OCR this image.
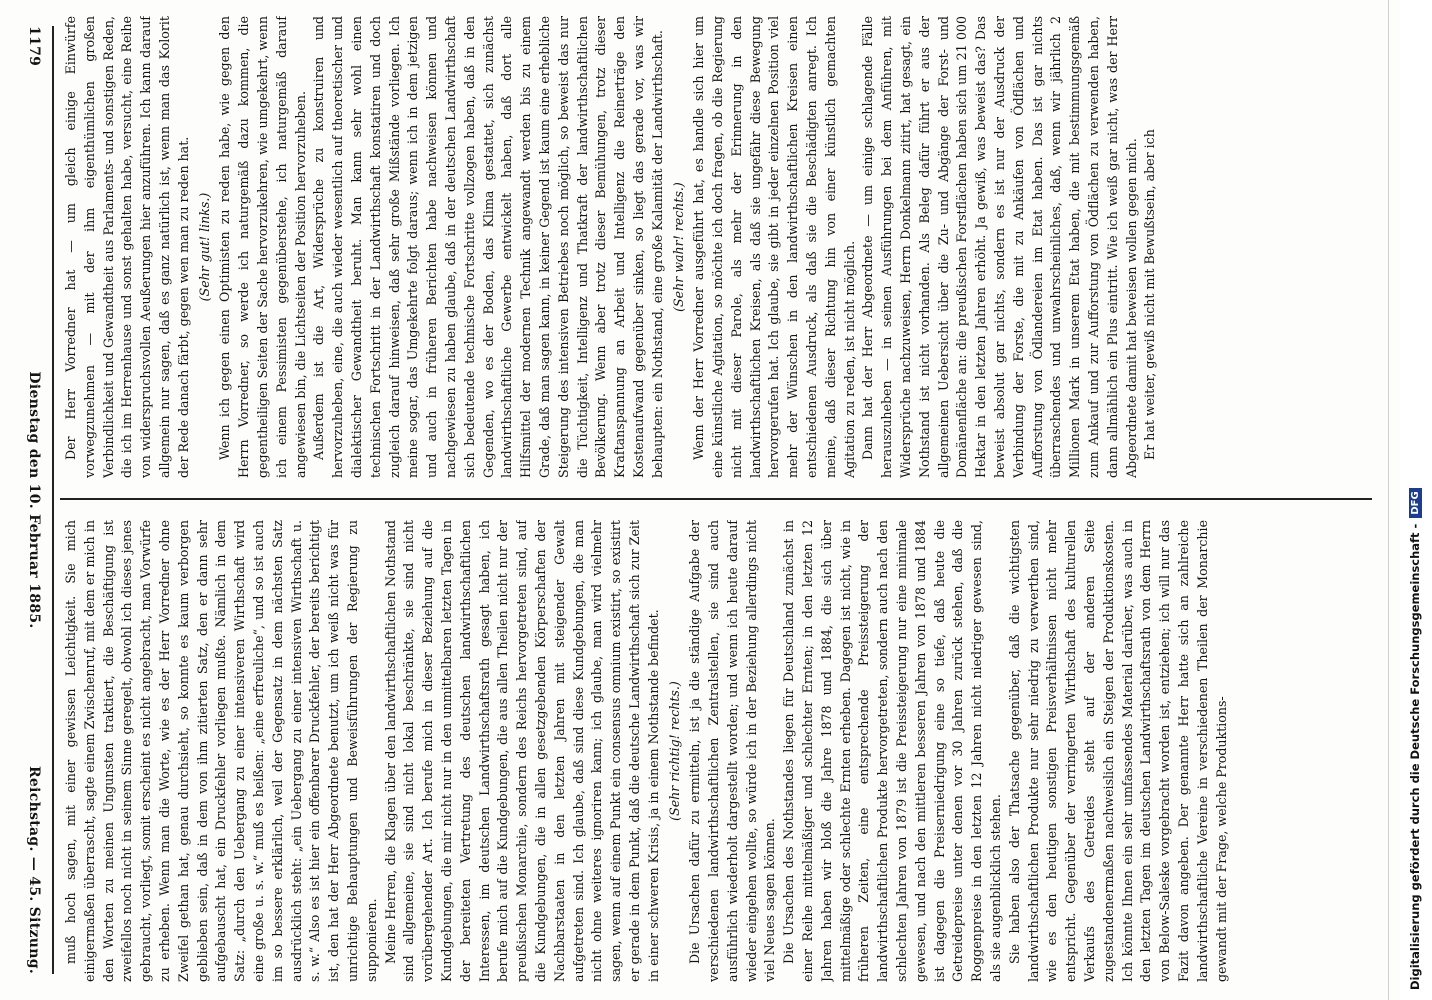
1179
Dienstag den 10. Februar 1885.
Reichstag. — 45. Sitzung.

Der Herr Vorredner hat — um gleich einige Einwürfe vorwegzunehmen — mit der ihm eigenthümlichen großen Verbindlichkeit und Gewandtheit aus Parlaments- und sonstigen Reden, die ich im Herrenhause und sonst gehalten habe, versucht, eine Reihe von widerspruchsvollen Aeußerungen hier anzuführen. Ich kann darauf allgemein nur sagen, daß es ganz natürlich ist, wenn man das Kolorit der Rede danach färbt, gegen wen man zu reden hat. (Sehr gut! links.) Wenn ich gegen einen Optimisten zu reden habe, wie gegen den Herrn Vorredner, so werde ich naturgemäß dazu kommen, die gegentheiligen Seiten der Sache hervorzukehren, wie umgekehrt, wenn ich einem Pessimisten gegenüberstehe, ich naturgemäß darauf angewiesen bin, die Lichtseiten der Position hervorzuheben. Außerdem ist die Art, Widersprüche zu konstruiren und hervorzuheben, eine, die auch wieder wesentlich auf theoretischer und dialektischer Gewandtheit beruht. Man kann sehr wohl einen technischen Fortschritt in der Landwirthschaft konstatiren und doch zugleich darauf hinweisen, daß sehr große Mißstände vorliegen. Ich meine sogar, das Umgekehrte folgt daraus; wenn ich in dem jetzigen und auch in früheren Berichten habe nachweisen können und nachgewiesen zu haben glaube, daß in der deutschen Landwirthschaft sich bedeutende technische Fortschritte vollzogen haben, daß in den Gegenden, wo es der Boden, das Klima gestattet, sich zunächst landwirthschaftliche Gewerbe entwickelt haben, daß dort alle Hilfsmittel der modernen Technik angewandt werden bis zu einem Grade, daß man sagen kann, in keiner Gegend ist kaum eine erhebliche Steigerung des intensiven Betriebes noch möglich, so beweist das nur die Tüchtigkeit, Intelligenz und Thatkraft der landwirthschaftlichen Bevölkerung. Wenn aber trotz dieser Bemühungen, trotz dieser Kraftanspannung an Arbeit und Intelligenz die Reinerträge den Kostenaufwand gegenüber sinken, so liegt das gerade vor, was wir behaupten: ein Nothstand, eine große Kalamität der Landwirthschaft. (Sehr wahr! rechts.) Wenn der Herr Vorredner ausgeführt hat, es handle sich hier um eine künstliche Agitation, so möchte ich doch fragen, ob die Regierung nicht mit dieser Parole, als mehr der Erinnerung in den landwirthschaftlichen Kreisen, als daß sie ungefähr diese Bewegung hervorgerufen hat. Ich glaube, sie gibt in jeder einzelnen Position viel mehr der Wünschen in den landwirthschaftlichen Kreisen einen entschiedenen Ausdruck, als daß sie die Beschädigten anregt. Ich meine, daß dieser Richtung hin von einer künstlich gemachten Agitation zu reden, ist nicht möglich. Dann hat der Herr Abgeordnete — um einige schlagende Fälle herauszuheben — in seinen Ausführungen bei dem Anführen, mit Widersprüche nachzuweisen, Herrn Donkelmann zitirt, hat gesagt, ein Nothstand ist nicht vorhanden. Als Beleg dafür führt er aus der allgemeinen Uebersicht über die Zu- und Abgänge der Forst- und Domänenfläche an: die preußischen Forstflächen haben sich um 21 000 Hektar in den letzten Jahren erhöht. Ja gewiß, was beweist das? Das beweist absolut gar nichts, sondern es ist nur der Ausdruck der Verbindung der Forste, die mit zu Ankäufen von Ödflächen und Aufforstung von Ödlandereien im Etat haben. Das ist gar nichts überraschendes und unwahrscheinliches, daß, wenn wir jährlich 2 Millionen Mark in unserem Etat haben, die mit bestimmungsgemäß zum Ankauf und zur Aufforstung von Ödflächen zu verwenden haben, dann allmählich ein Plus eintritt. Wie ich weiß gar nicht, was der Herr Abgeordnete damit hat beweisen wollen gegen mich. Er hat weiter, gewiß nicht mit Bewußtsein, aber ich

muß hoch sagen, mit einer gewissen Leichtigkeit. Sie mich einigermaßen überrascht, sagte einem Zwischenruf, mit dem er mich in den Worten zu meinen Ungunsten traktiert, die Beschäftigung ist zweifellos noch nicht in seinem Sinne geregelt, obwohl ich dieses jenes gebraucht, vorliegt, somit erscheint es nicht angebracht, man Vorwürfe zu erheben. Wenn man die Worte, wie es der Herr Vorredner ohne Zweifel gethan hat, genau durchsieht, so konnte es kaum verborgen geblieben sein, daß in dem von ihm zitierten Satz, den er dann sehr aufgebauscht hat, ein Druckfehler vorliegen mußte. Nämlich in dem Satz: „durch den Uebergang zu einer intensiveren Wirthschaft wird eine große u. s. w.“ muß es heißen: „eine erfreuliche“, und so ist auch im so bessere erklärlich, weil der Gegensatz in dem nächsten Satz ausdrücklich steht: „ein Uebergang zu einer intensiven Wirthschaft u. s. w.“ Also es ist hier ein offenbarer Druckfehler, der bereits berichtigt ist, den hat der Herr Abgeordnete benutzt, um ich weiß nicht was für unrichtige Behauptungen und Beweisführungen der Regierung zu supponieren. Meine Herren, die Klagen über den landwirthschaftlichen Nothstand sind allgemeine, sie sind nicht lokal beschränkte, sie sind nicht vorübergehender Art. Ich berufe mich in dieser Beziehung auf die Kundgebungen, die mir nicht nur in den unmittelbaren letzten Tagen in der bereiteten Vertretung des deutschen landwirthschaftlichen Interessen, im deutschen Landwirthschaftsrath gesagt haben, ich berufe mich auf die Kundgebungen, die aus allen Theilen nicht nur der preußischen Monarchie, sondern des Reichs hervorgetreten sind, auf die Kundgebungen, die in allen gesetzgebenden Körperschaften der Nachbarstaaten in den letzten Jahren mit steigender Gewalt aufgetreten sind. Ich glaube, daß sind diese Kundgebungen, die man nicht ohne weiteres ignoriren kann; ich glaube, man wird vielmehr sagen, wenn auf einem Punkt ein consensus omnium existirt, so existirt er gerade in dem Punkt, daß die deutsche Landwirthschaft sich zur Zeit in einer schweren Krisis, ja in einem Nothstande befindet. (Sehr richtig! rechts.) Die Ursachen dafür zu ermitteln, ist ja die ständige Aufgabe der verschiedenen landwirthschaftlichen Zentralstellen, sie sind auch ausführlich wiederholt dargestellt worden; und wenn ich heute darauf wieder eingehen wollte, so würde ich in der Beziehung allerdings nicht viel Neues sagen können. Die Ursachen des Nothstandes liegen für Deutschland zunächst in einer Reihe mittelmäßiger und schlechter Ernten; in den letzten 12 Jahren haben wir bloß die Jahre 1878 und 1884, die sich über mittelmäßige oder schlechte Ernten erheben. Dagegen ist nicht, wie in früheren Zeiten, eine entsprechende Preissteigerung der landwirthschaftlichen Produkte hervorgetreten, sondern auch nach den schlechten Jahren von 1879 ist die Preissteigerung nur eine minimale gewesen, und nach den mittleren besseren Jahren von 1878 und 1884 ist dagegen die Preiserniedrigung eine so tiefe, daß heute die Getreidepreise unter denen vor 30 Jahren zurück stehen, daß die Roggenpreise in den letzten 12 Jahren nicht niedriger gewesen sind, als sie augenblicklich stehen. Sie haben also der Thatsache gegenüber, daß die wichtigsten landwirthschaftlichen Produkte nur sehr niedrig zu verwerthen sind, wie es den heutigen sonstigen Preisverhältnissen nicht mehr entspricht. Gegenüber der verringerten Wirthschaft des kulturellen Verkaufs des Getreides steht auf der anderen Seite zugestandenermaßen nachweislich ein Steigen der Produktionskosten. Ich könnte Ihnen ein sehr umfassendes Material darüber, was auch in den letzten Tagen im deutschen Landwirthschaftsrath von dem Herrn von Below-Saleske vorgebracht worden ist, entziehen; ich will nur das Fazit davon angeben. Der genannte Herr hatte sich an zahlreiche landwirthschaftliche Vereine in verschiedenen Theilen der Monarchie gewandt mit der Frage, welche Produktions-	Digitalisierung gefördert durch die Deutsche Forschungsgemeinschaft -DFG
